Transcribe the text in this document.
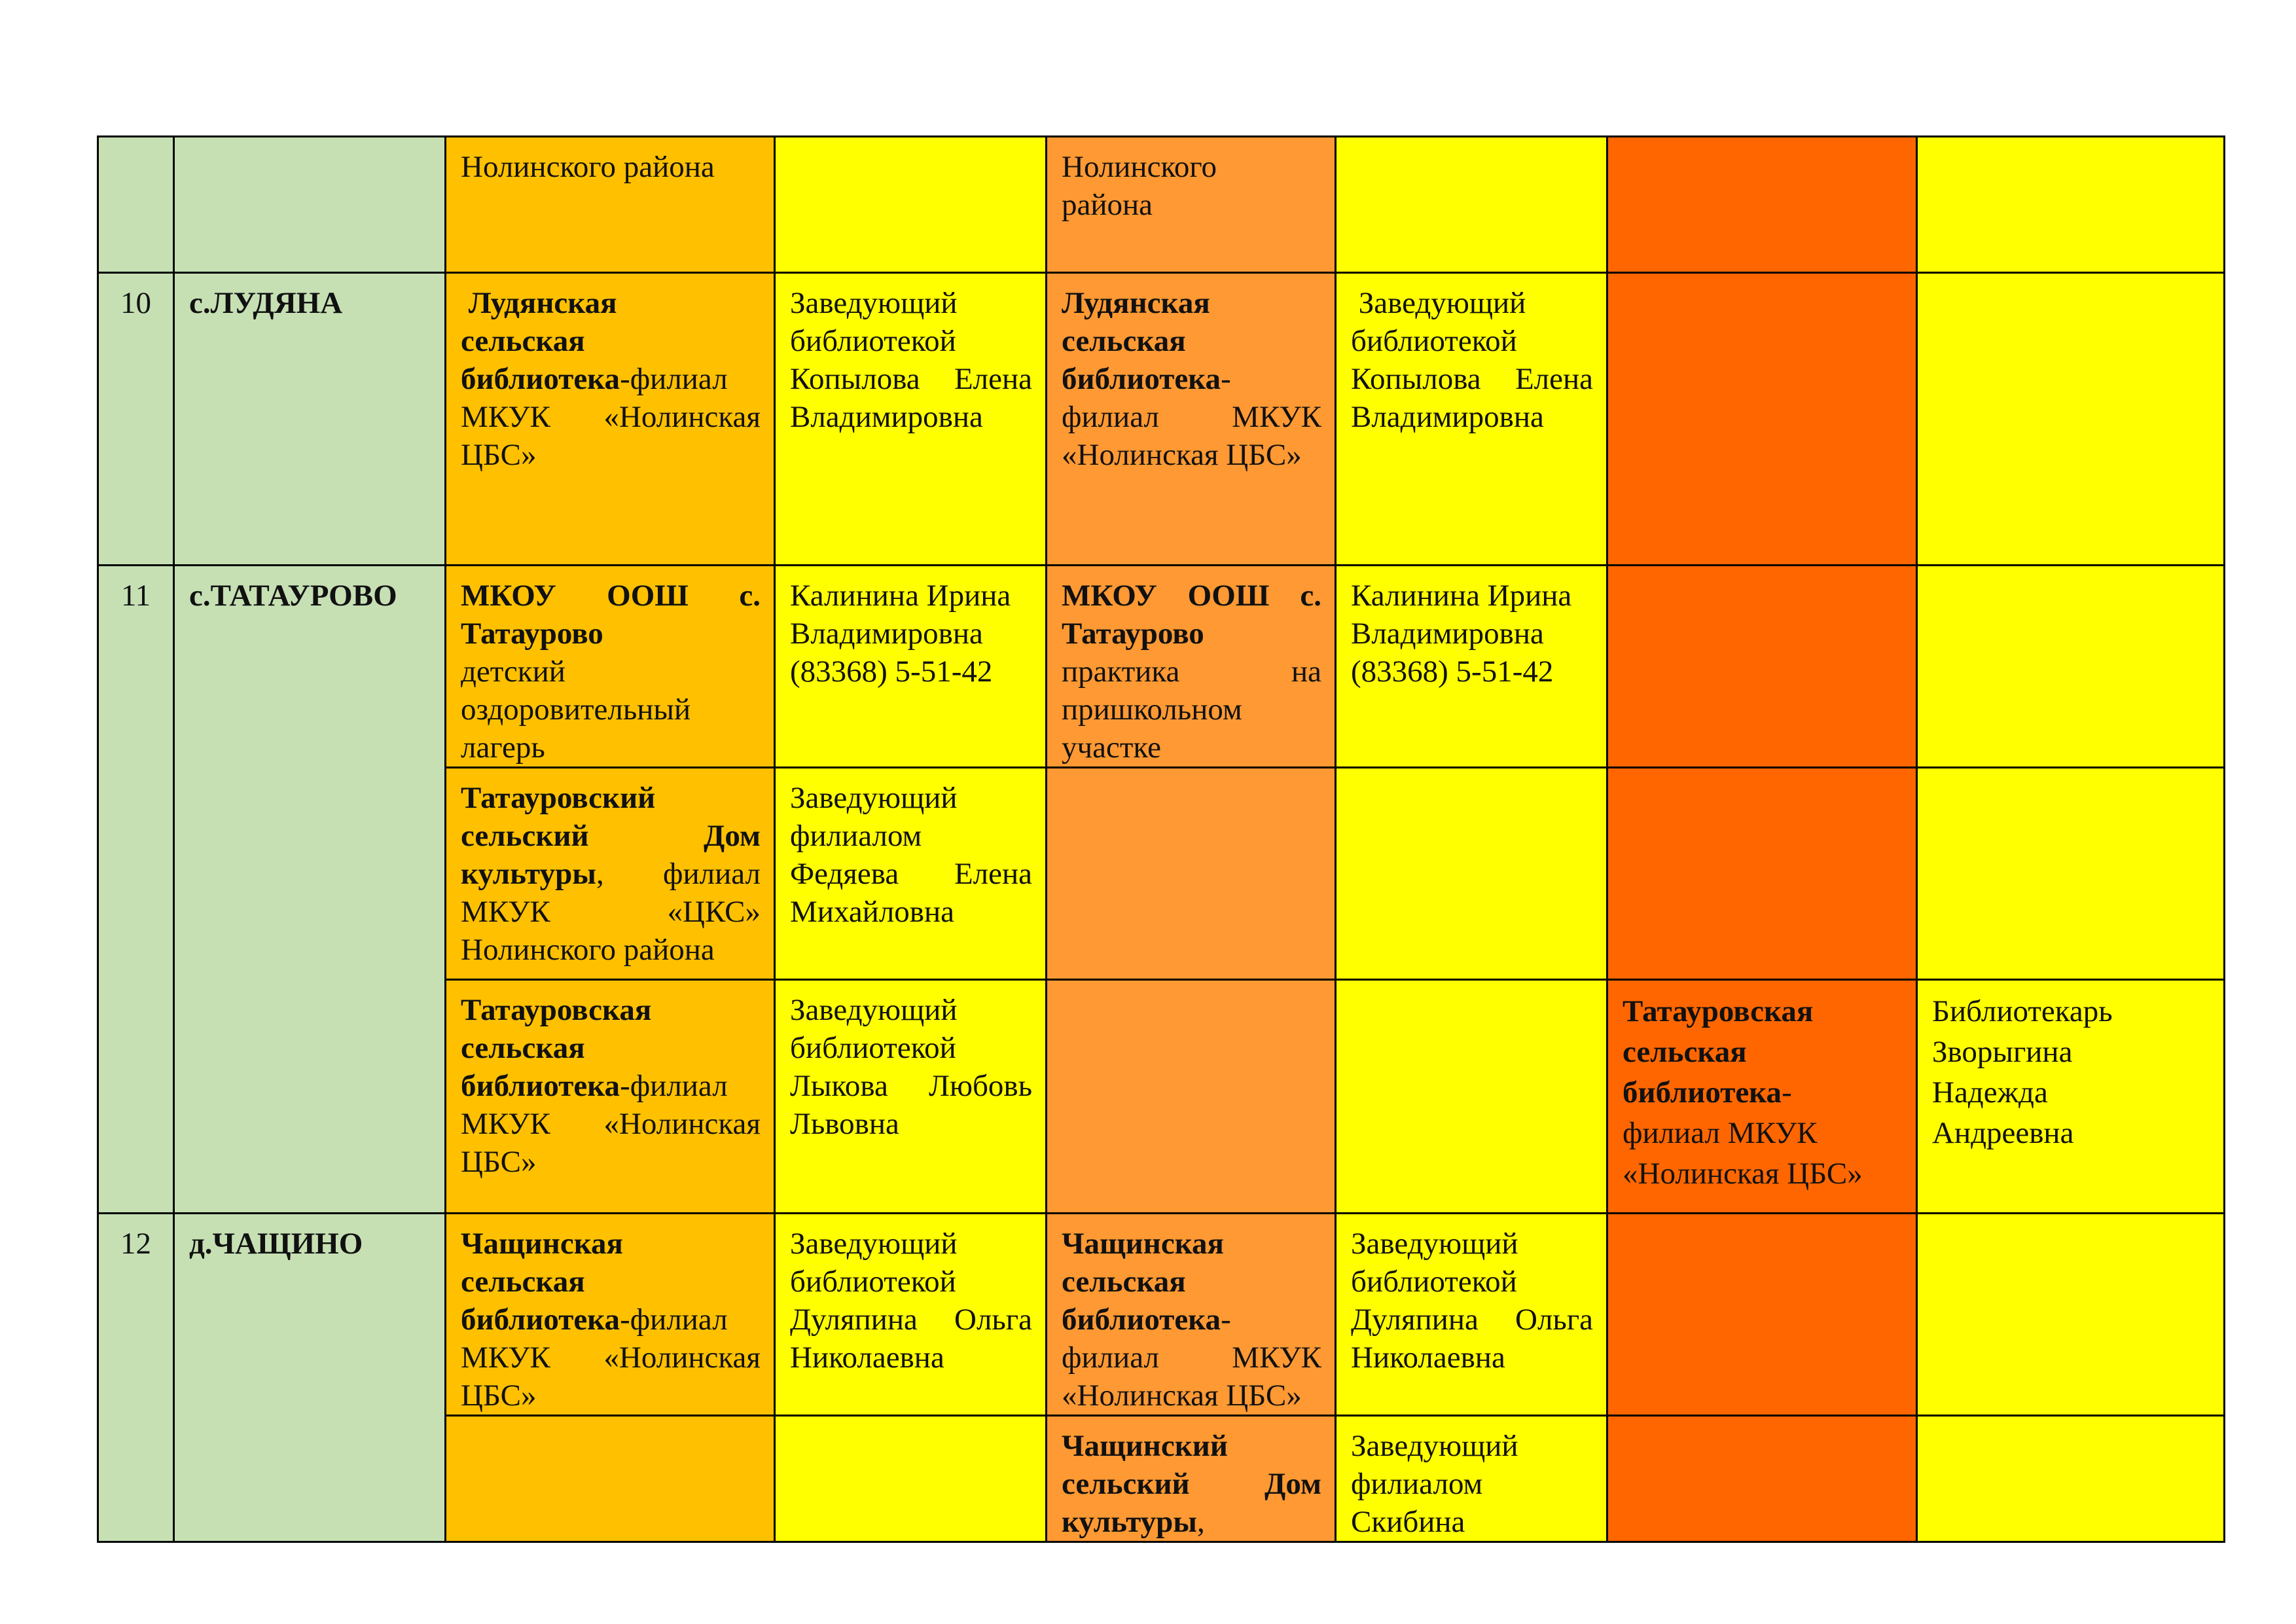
		Нолинского района		Нолинского
района			

10	с.ЛУДЯНА	Лудянская
сельская
библиотека-филиал
МКУК «Нолинская
ЦБС»	Заведующий
библиотекой
Копылова Елена
Владимировна	Лудянская
сельская
библиотека-
филиал МКУК
«Нолинская ЦБС»	Заведующий
библиотекой
Копылова Елена
Владимировна		

11	с.ТАТАУРОВО	МКОУ ООШ с.
Татаурово
детский
оздоровительный
лагерь	Калинина Ирина
Владимировна
(83368) 5-51-42	МКОУ ООШ с.
Татаурово
практика на
пришкольном
участке	Калинина Ирина
Владимировна
(83368) 5-51-42		

		Татауровский
сельский Дом
культуры, филиал
МКУК «ЦКС»
Нолинского района	Заведующий
филиалом
Федяева Елена
Михайловна				

		Татауровская
сельская
библиотека-филиал
МКУК «Нолинская
ЦБС»	Заведующий
библиотекой
Лыкова Любовь
Львовна			Татауровская
сельская
библиотека-
филиал МКУК
«Нолинская ЦБС»	Библиотекарь
Зворыгина
Надежда
Андреевна

12	д.ЧАЩИНО	Чащинская
сельская
библиотека-филиал
МКУК «Нолинская
ЦБС»	Заведующий
библиотекой
Дуляпина Ольга
Николаевна	Чащинская
сельская
библиотека-
филиал МКУК
«Нолинская ЦБС»	Заведующий
библиотекой
Дуляпина Ольга
Николаевна		

				Чащинский
сельский Дом
культуры,	Заведующий
филиалом
Скибина		
